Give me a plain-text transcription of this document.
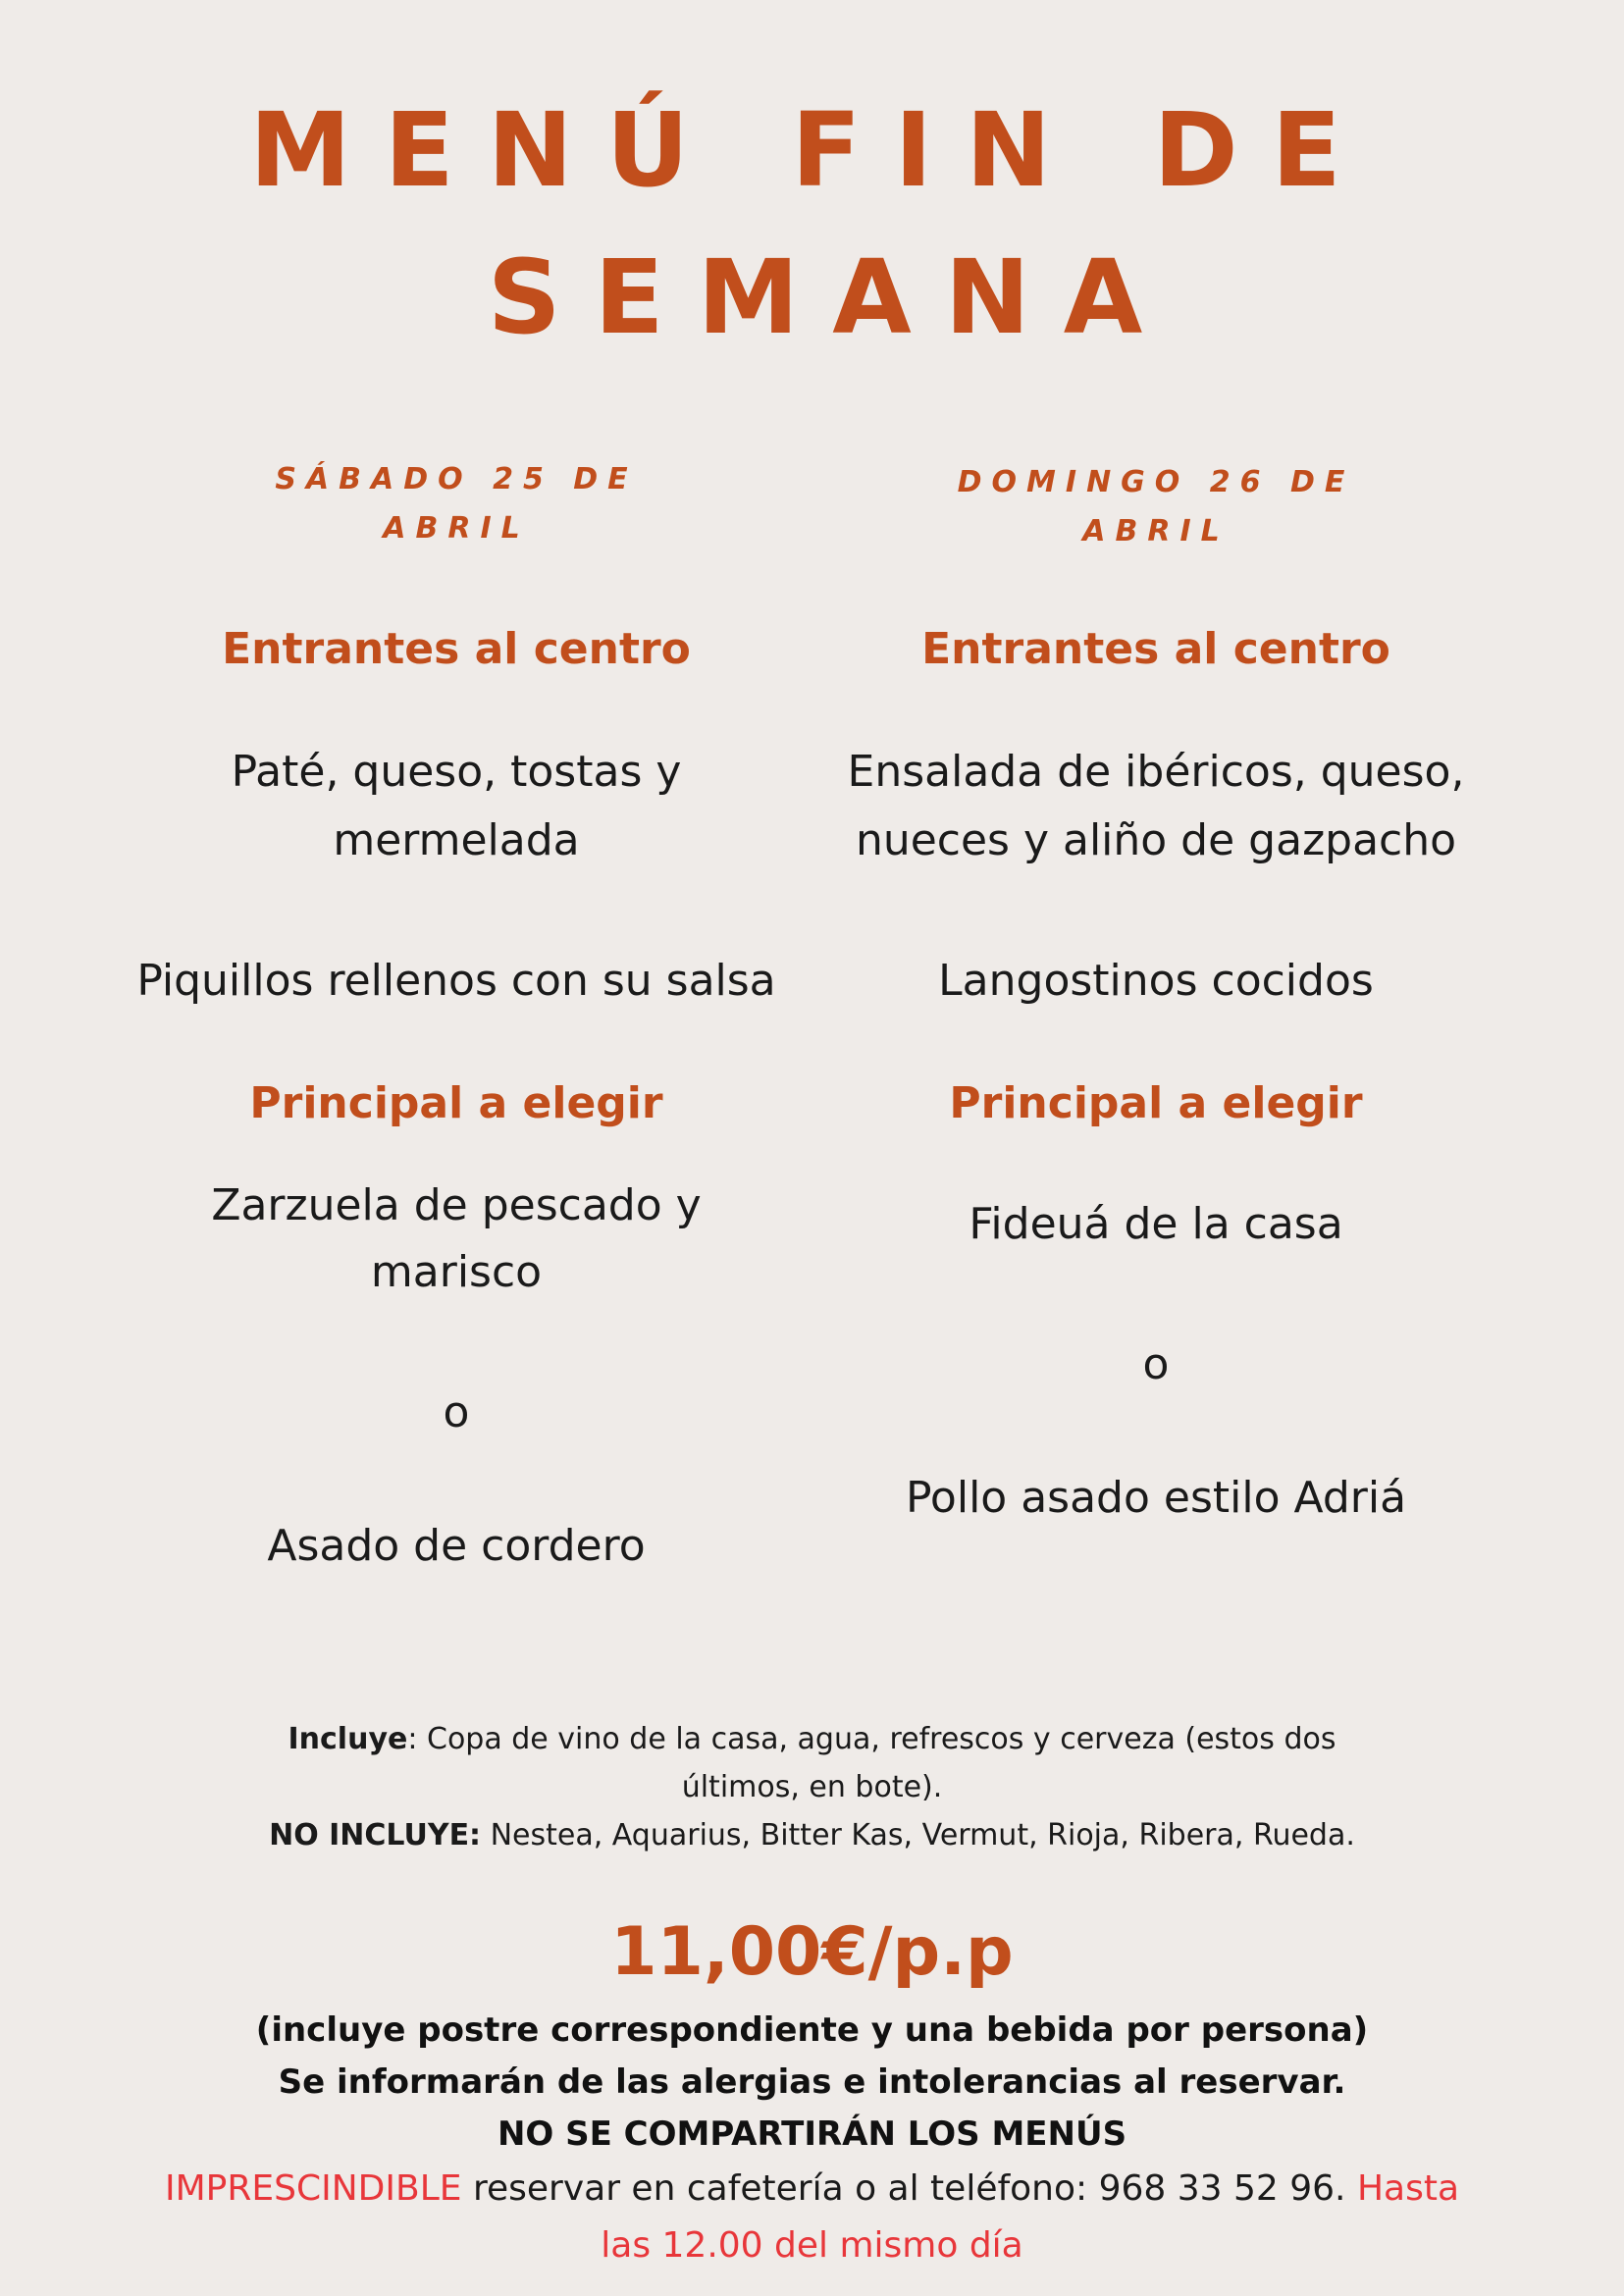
MENÚ FIN DE
SEMANA
SÁBADO 25 DE
ABRIL
Entrantes al centro
Paté, queso, tostas y
mermelada
Piquillos rellenos con su salsa
Principal a elegir
Zarzuela de pescado y
marisco
o
Asado de cordero
DOMINGO 26 DE
ABRIL
Entrantes al centro
Ensalada de ibéricos, queso,
nueces y aliño de gazpacho
Langostinos cocidos
Principal a elegir
Fideuá de la casa
o
Pollo asado estilo Adriá
Incluye: Copa de vino de la casa, agua, refrescos y cerveza (estos dos
últimos, en bote).
NO INCLUYE: Nestea, Aquarius, Bitter Kas, Vermut, Rioja, Ribera, Rueda.
11,00€/p.p
(incluye postre correspondiente y una bebida por persona)
Se informarán de las alergias e intolerancias al reservar.
NO SE COMPARTIRÁN LOS MENÚS
IMPRESCINDIBLE reservar en cafetería o al teléfono: 968 33 52 96. Hasta
las 12.00 del mismo día
